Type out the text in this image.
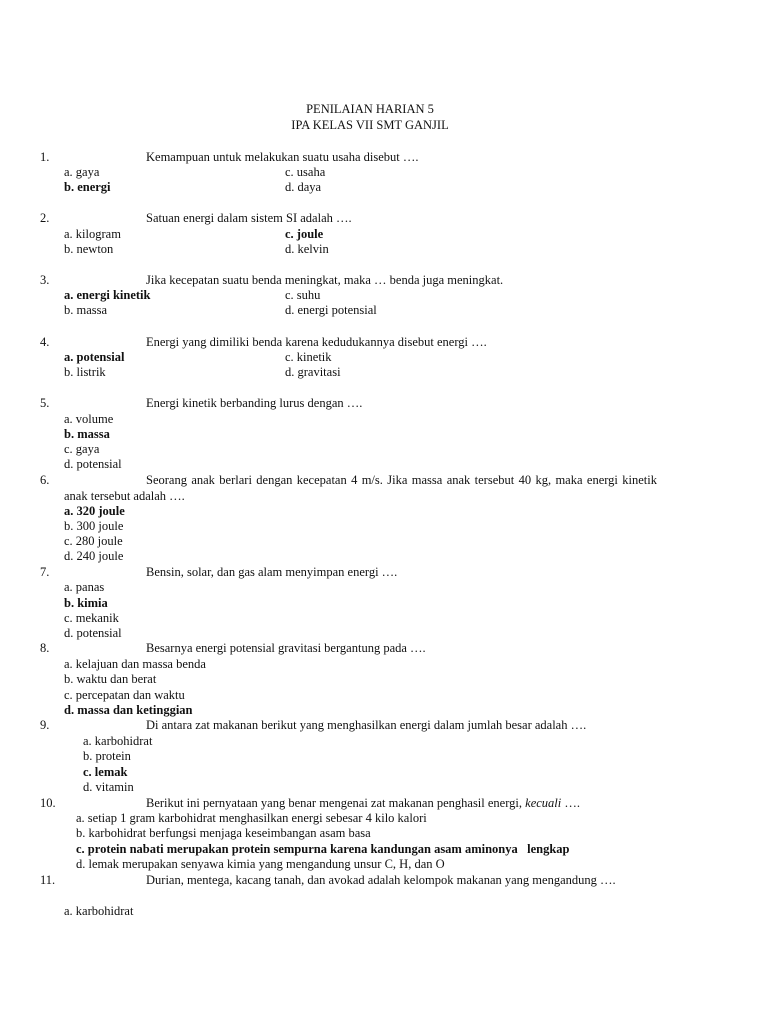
PENILAIAN HARIAN 5
IPA KELAS VII SMT GANJIL
1.	Kemampuan untuk melakukan suatu usaha disebut ….
a. gaya
b. energi
c. usaha
d. daya
2.	Satuan energi dalam sistem SI adalah ….
a. kilogram
b. newton
c. joule
d. kelvin
3.	Jika kecepatan suatu benda meningkat, maka … benda juga meningkat.
a. energi kinetik
b. massa
c. suhu
d. energi potensial
4.	Energi yang dimiliki benda karena kedudukannya disebut energi ….
a. potensial
b. listrik
c. kinetik
d. gravitasi
5.	Energi kinetik berbanding lurus dengan ….
a. volume
b. massa
c. gaya
d. potensial
6.	Seorang anak berlari dengan kecepatan 4 m/s. Jika massa anak tersebut 40 kg, maka energi kinetik anak tersebut adalah ….
a. 320 joule
b. 300 joule
c. 280 joule
d. 240 joule
7.	Bensin, solar, dan gas alam menyimpan energi ….
a. panas
b. kimia
c. mekanik
d. potensial
8.	Besarnya energi potensial gravitasi bergantung pada ….
a. kelajuan dan massa benda
b. waktu dan berat
c. percepatan dan waktu
d. massa dan ketinggian
9.	Di antara zat makanan berikut yang menghasilkan energi dalam jumlah besar adalah ….
a. karbohidrat
b. protein
c. lemak
d. vitamin
10.	Berikut ini pernyataan yang benar mengenai zat makanan penghasil energi, kecuali ….
a. setiap 1 gram karbohidrat menghasilkan energi sebesar 4 kilo kalori
b. karbohidrat berfungsi menjaga keseimbangan asam basa
c. protein nabati merupakan protein sempurna karena kandungan asam aminonya   lengkap
d. lemak merupakan senyawa kimia yang mengandung unsur C, H, dan O
11.	Durian, mentega, kacang tanah, dan avokad adalah kelompok makanan yang mengandung ….
a. karbohidrat
